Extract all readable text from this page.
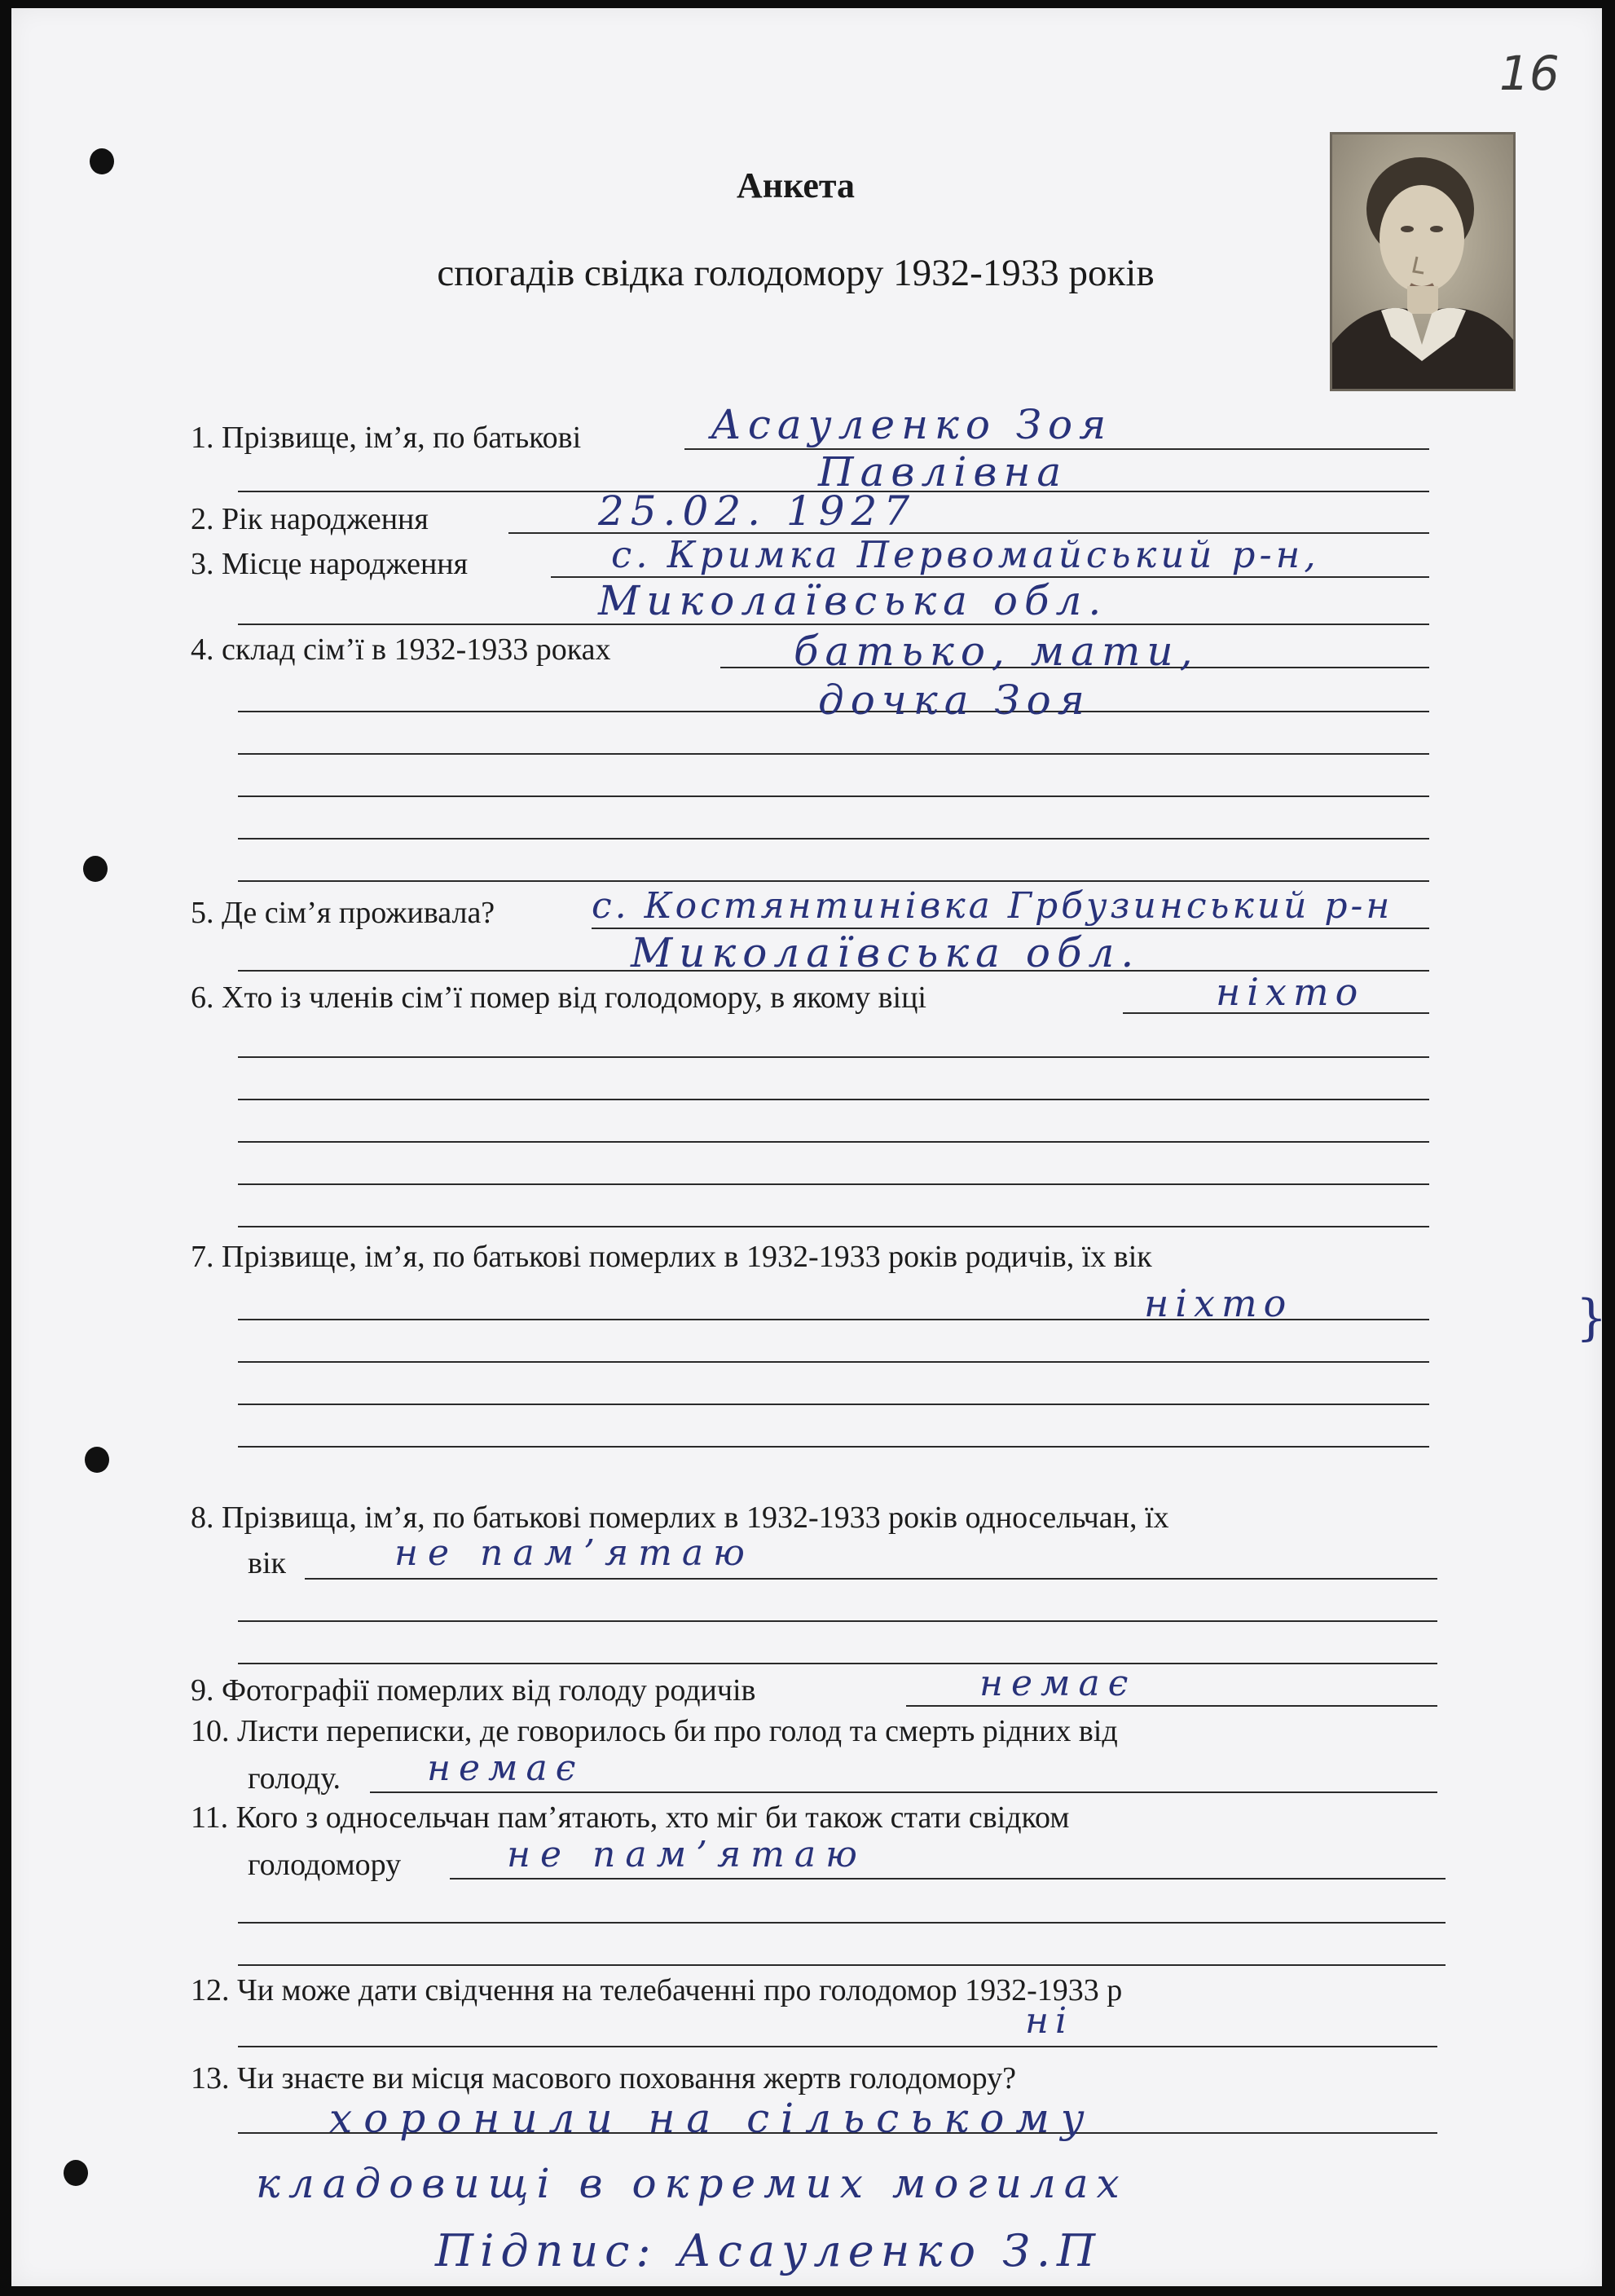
16
Анкета
спогадів свідка голодомору 1932-1933 років
1. Прізвище, ім’я, по батькові	Асауленко Зоя
Павлівна
2. Рік народження	25.02. 1927
3. Місце народження	с. Кримка Первомайський р-н,
Миколаївська обл.
4. склад сім’ї в 1932-1933 роках	батько, мати,
дочка Зоя
5. Де сім’я проживала?	с. Костянтинівка Грбузинський р-н
Миколаївська обл.
6. Хто із членів сім’ї помер від голодомору, в якому віці	ніхто
7. Прізвище, ім’я, по батькові померлих в 1932-1933 років родичів, їх вік
ніхто	}
8. Прізвища, ім’я, по батькові померлих в 1932-1933 років односельчан, їх
вік	не пам’ятаю
9. Фотографії померлих від голоду родичів	немає
10. Листи переписки, де говорилось би про голод та смерть рідних від
голоду. немає
11. Кого з односельчан пам’ятають, хто міг би також стати свідком
голодомору	не пам’ятаю
12. Чи може дати свідчення на телебаченні про голодомор 1932-1933 р
ні
13. Чи знаєте ви місця масового поховання жертв голодомору?
хоронили на сільському
кладовищі в окремих могилах
Підпис: Асауленко З.П
